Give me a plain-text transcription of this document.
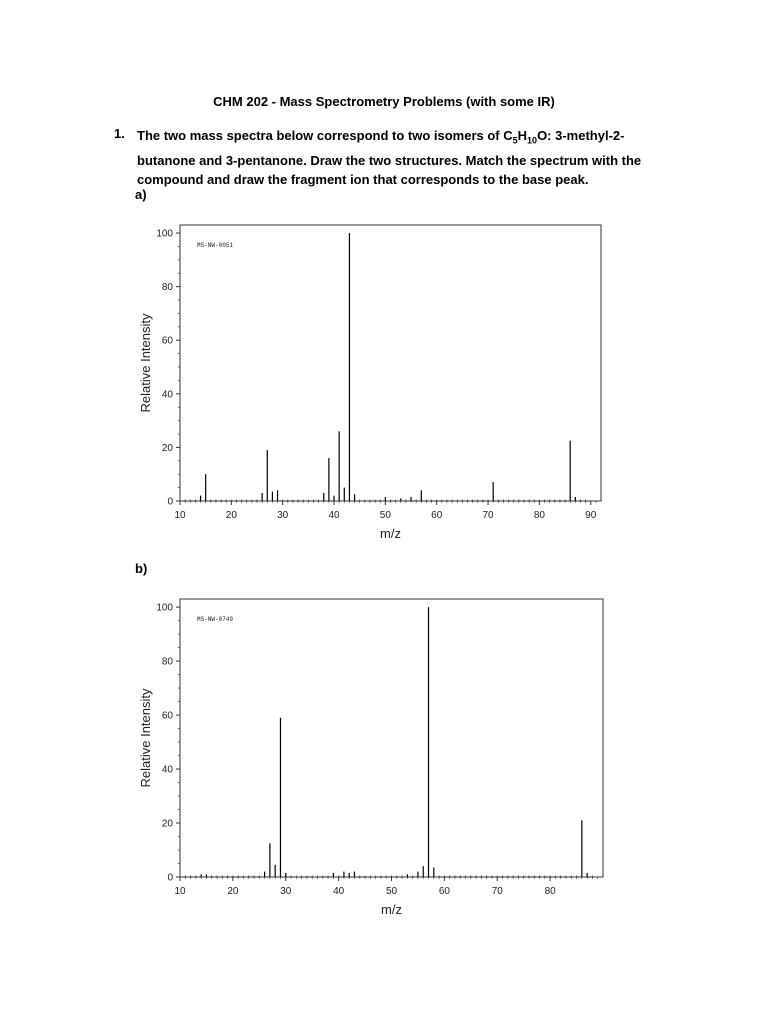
CHM 202 - Mass Spectrometry Problems (with some IR)
1. The two mass spectra below correspond to two isomers of $C_5H_{10}O$: 3-methyl-2-butanone and 3-pentanone. Draw the two structures. Match the spectrum with the compound and draw the fragment ion that corresponds to the base peak.
a)
b)
0
20
40
60
80
100
10	20	30	40	50	60	70	80	90
m/z
Relative Intensity
MS-NW-0051
0
20
40
60
80
100
10	20	30	40	50	60	70	80
m/z
Relative Intensity
MS-NW-0749
